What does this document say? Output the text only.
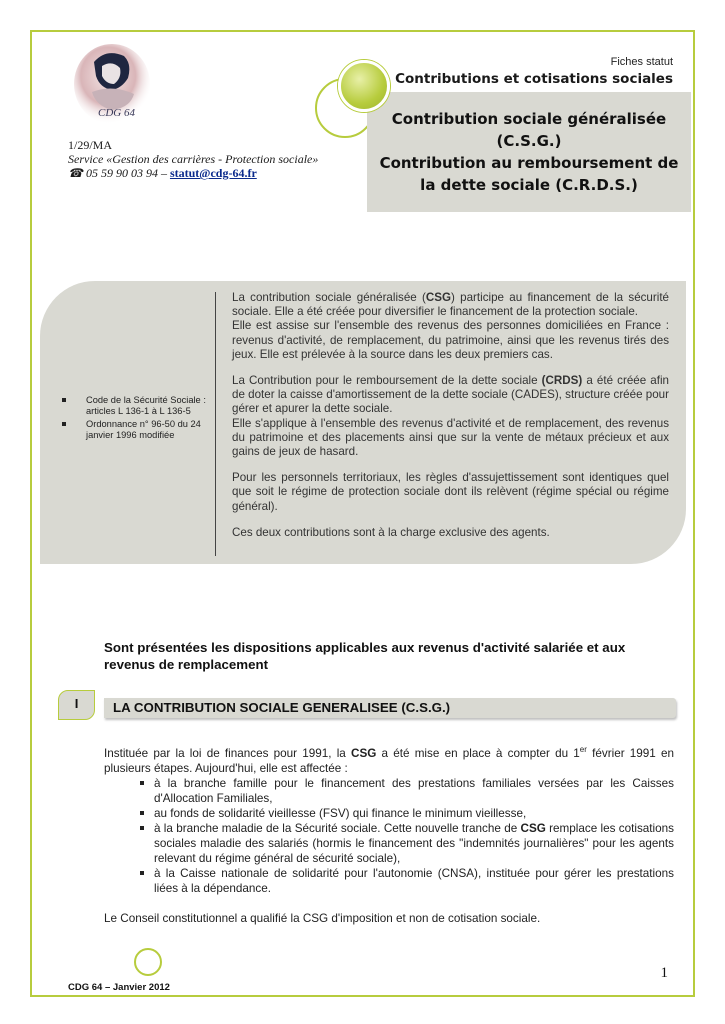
CDG 64
1/29/MA
Service «Gestion des carrières - Protection sociale»
☎ 05 59 90 03 94 – statut@cdg-64.fr
Fiches statut
Contributions et cotisations sociales
Contribution sociale généralisée
(C.S.G.)
Contribution au remboursement de
la dette sociale (C.R.D.S.)
Code de la Sécurité Sociale : articles L 136-1 à L 136-5
Ordonnance n° 96-50 du 24 janvier 1996 modifiée

La contribution sociale généralisée (CSG) participe au financement de la sécurité sociale. Elle a été créée pour diversifier le financement de la protection sociale.

Elle est assise sur l'ensemble des revenus des personnes domiciliées en France : revenus d'activité, de remplacement, du patrimoine, ainsi que les revenus tirés des jeux. Elle est prélevée à la source dans les deux premiers cas.

La Contribution pour le remboursement de la dette sociale (CRDS) a été créée afin de doter la caisse d'amortissement de la dette sociale (CADES), structure créée pour gérer et apurer la dette sociale.

Elle s'applique à l'ensemble des revenus d'activité et de remplacement, des revenus du patrimoine et des placements ainsi que sur la vente de métaux précieux et aux gains de jeux de hasard.

Pour les personnels territoriaux, les règles d'assujettissement sont identiques quel que soit le régime de protection sociale dont ils relèvent (régime spécial ou régime général).

Ces deux contributions sont à la charge exclusive des agents.

Sont présentées les dispositions applicables aux revenus d'activité salariée et aux revenus de remplacement
I	LA CONTRIBUTION SOCIALE GENERALISEE (C.S.G.)

Instituée par la loi de finances pour 1991, la CSG a été mise en place à compter du 1er février 1991 en plusieurs étapes. Aujourd'hui, elle est affectée :

à la branche famille pour le financement des prestations familiales versées par les Caisses d'Allocation Familiales,
au fonds de solidarité vieillesse (FSV) qui finance le minimum vieillesse,
à la branche maladie de la Sécurité sociale. Cette nouvelle tranche de CSG remplace les cotisations sociales maladie des salariés (hormis le financement des "indemnités journalières" pour les agents relevant du régime général de sécurité sociale),
à la Caisse nationale de solidarité pour l'autonomie (CNSA), instituée pour gérer les prestations liées à la dépendance.
Le Conseil constitutionnel a qualifié la CSG d'imposition et non de cotisation sociale.
CDG 64 – Janvier 2012
1
